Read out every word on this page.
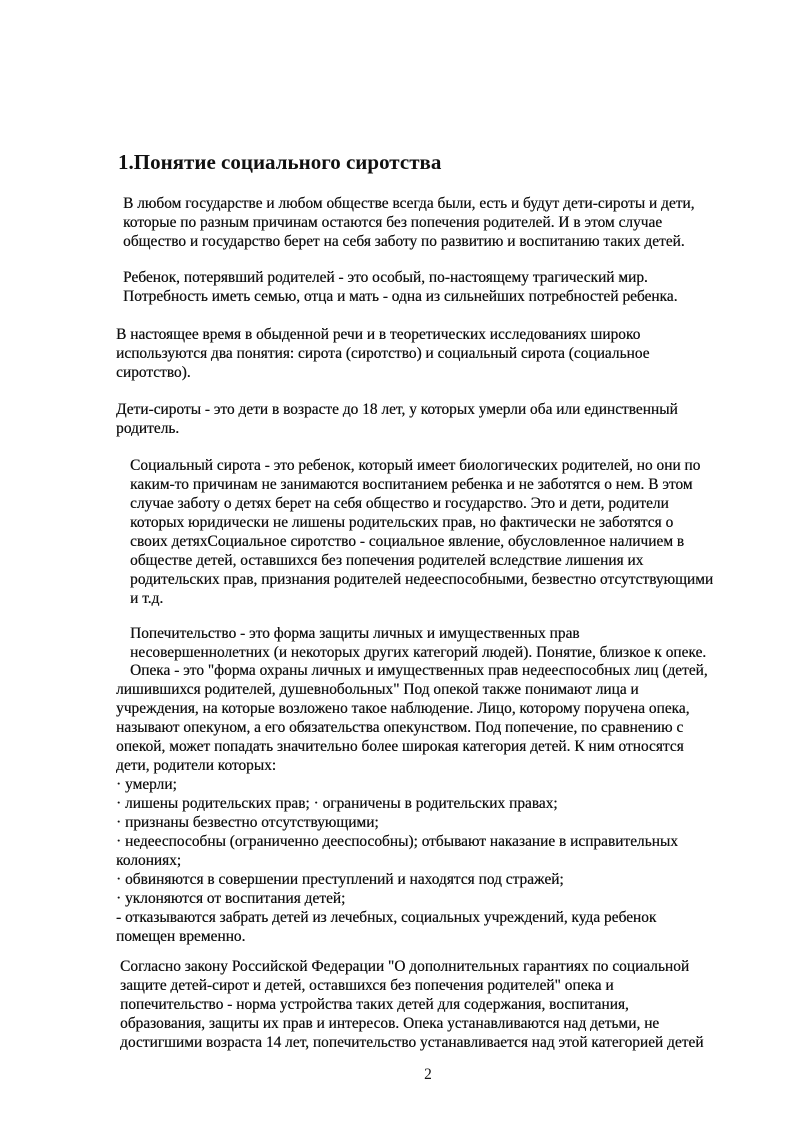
1.Понятие социального сиротства
В любом государстве и любом обществе всегда были, есть и будут дети-сироты и дети,
которые по разным причинам остаются без попечения родителей. И в этом случае
общество и государство берет на себя заботу по развитию и воспитанию таких детей.
Ребенок, потерявший родителей - это особый, по-настоящему трагический мир.
Потребность иметь семью, отца и мать - одна из сильнейших потребностей ребенка.
В настоящее время в обыденной речи и в теоретических исследованиях широко
используются два понятия: сирота (сиротство) и социальный сирота (социальное
сиротство).
Дети-сироты - это дети в возрасте до 18 лет, у которых умерли оба или единственный
родитель.
Социальный сирота - это ребенок, который имеет биологических родителей, но они по
каким-то причинам не занимаются воспитанием ребенка и не заботятся о нем. В этом
случае заботу о детях берет на себя общество и государство. Это и дети, родители
которых юридически не лишены родительских прав, но фактически не заботятся о
своих детяхСоциальное сиротство - социальное явление, обусловленное наличием в
обществе детей, оставшихся без попечения родителей вследствие лишения их
родительских прав, признания родителей недееспособными, безвестно отсутствующими
и т.д.
Попечительство - это форма защиты личных и имущественных прав
несовершеннолетних (и некоторых других категорий людей). Понятие, близкое к опеке.
Опека - это "форма охраны личных и имущественных прав недееспособных лиц (детей,
лишившихся родителей, душевнобольных" Под опекой также понимают лица и
учреждения, на которые возложено такое наблюдение. Лицо, которому поручена опека,
называют опекуном, а его обязательства опекунством. Под попечение, по сравнению с
опекой, может попадать значительно более широкая категория детей. К ним относятся
дети, родители которых:
· умерли;
· лишены родительских прав; · ограничены в родительских правах;
· признаны безвестно отсутствующими;
· недееспособны (ограниченно дееспособны); отбывают наказание в исправительных
колониях;
· обвиняются в совершении преступлений и находятся под стражей;
· уклоняются от воспитания детей;
- отказываются забрать детей из лечебных, социальных учреждений, куда ребенок
помещен временно.
Согласно закону Российской Федерации "О дополнительных гарантиях по социальной
защите детей-сирот и детей, оставшихся без попечения родителей" опека и
попечительство - норма устройства таких детей для содержания, воспитания,
образования, защиты их прав и интересов. Опека устанавливаются над детьми, не
достигшими возраста 14 лет, попечительство устанавливается над этой категорией детей
2
